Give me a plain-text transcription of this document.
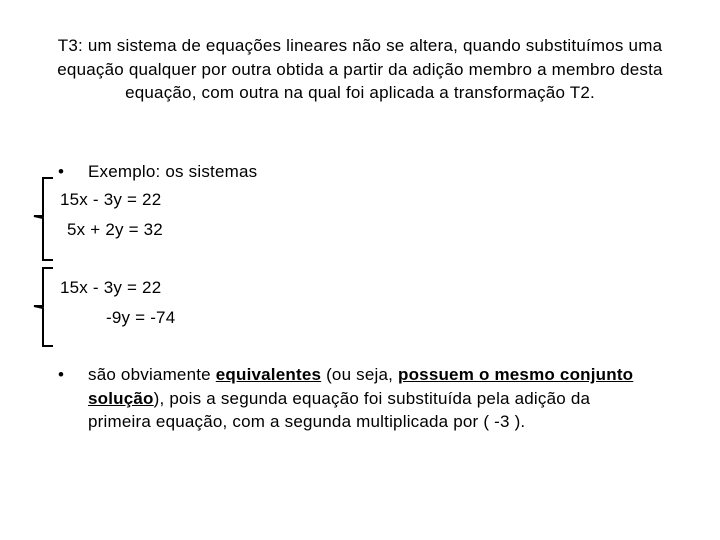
T3: um sistema de equações lineares não se altera, quando substituímos uma equação qualquer por outra obtida a partir da adição membro a membro desta equação, com outra na qual foi aplicada a transformação T2.
• Exemplo: os sistemas
15x - 3y = 22
5x + 2y = 32
15x - 3y = 22
-9y = -74
• são obviamente equivalentes (ou seja, possuem o mesmo conjunto solução), pois a segunda equação foi substituída pela adição da primeira equação, com a segunda multiplicada por ( -3 ).
